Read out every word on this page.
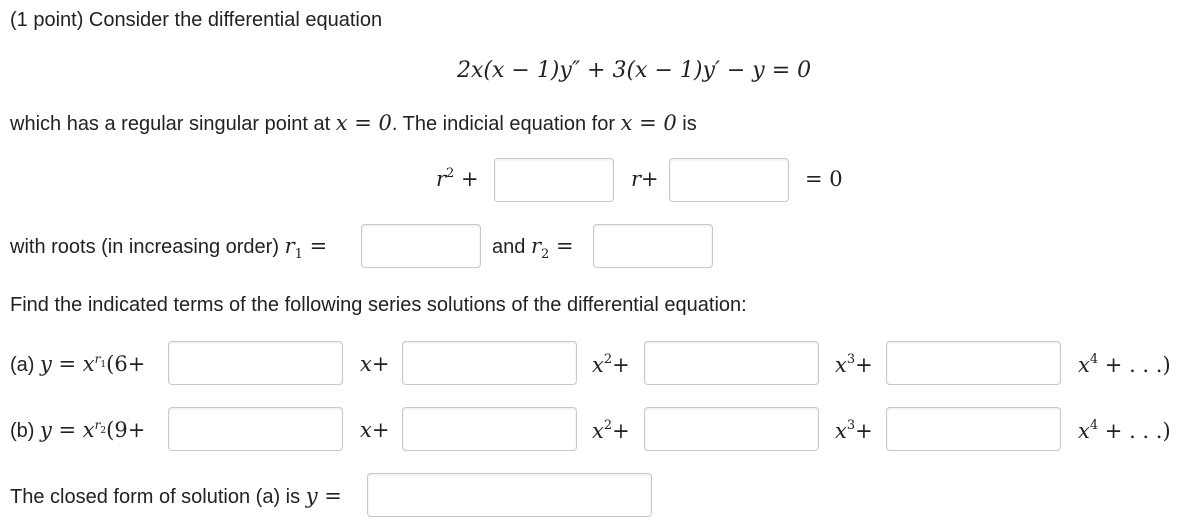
(1 point) Consider the differential equation
2x(x − 1)y″ + 3(x − 1)y′ − y = 0
which has a regular singular point at x = 0. The indicial equation for x = 0 is
$r^2$ +	r+	= 0
with roots (in increasing order) $r_1$ =	and $r_2$ =
Find the indicated terms of the following series solutions of the differential equation:
(a) $y = x^{r1}(6+$	x+	$x^2+$	$x^3+$	$x^4$ + . . .)
(b) $y = x^{r2}(9+$	x+	$x^2+$	$x^3+$	$x^4$ + . . .)
The closed form of solution (a) is y =
